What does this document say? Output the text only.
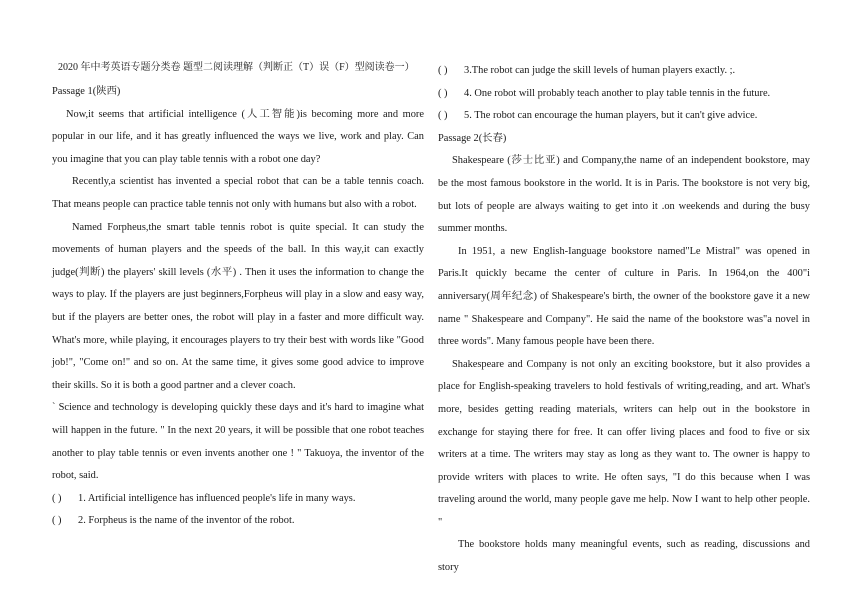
2020 年中考英语专题分类卷 题型二阅读理解（判断正（T）误（F）型阅读卷一）

Passage 1(陕西)

Now,it seems that artificial intelligence (人工智能)is becoming more and more popular in our life, and it has greatly influenced the ways we live, work and play. Can you imagine that you can play table tennis with a robot one day?

Recently,a scientist has invented a special robot that can be a table tennis coach. That means people can practice table tennis not only with humans but also with a robot.

Named Forpheus,the smart table tennis robot is quite special. It can study the movements of human players and the speeds of the ball. In this way,it can exactly judge(判断) the players' skill levels (水平) . Then it uses the information to change the ways to play. If the players are just beginners,Forpheus will play in a slow and easy way, but if the players are better ones, the robot will play in a faster and more difficult way. What's more, while playing, it encourages players to try their best with words like "Good job!", "Come on!" and so on. At the same time, it gives some good advice to improve their skills. So it is both a good partner and a clever coach.

` Science and technology is developing quickly these days and it's hard to imagine what will happen in the future. " In the next 20 years, it will be possible that one robot teaches another to play table tennis or even invents another one ! " Takuoya, the inventor of the robot, said.

( ) 1. Artificial intelligence has influenced people's life in many ways.

( ) 2. Forpheus is the name of the inventor of the robot.

( ) 3.The robot can judge the skill levels of human players exactly. ;.

( ) 4. One robot will probably teach another to play table tennis in the future.

( ) 5. The robot can encourage the human players, but it can't give advice.

Passage 2(长春)

Shakespeare (莎士比亚) and Company,the name of an independent bookstore, may be the most famous bookstore in the world. It is in Paris. The bookstore is not very big, but lots of people are always waiting to get into it .on weekends and during the busy summer months.

In 1951, a new English-Ianguage bookstore named"Le Mistral" was opened in Paris.It quickly became the center of culture in Paris. In 1964,on the 400"i anniversary(周年纪念) of Shakespeare's birth, the owner of the bookstore gave it a new name " Shakespeare and Company". He said the name of the bookstore was"a novel in three words". Many famous people have been there.

Shakespeare and Company is not only an exciting bookstore, but it also provides a place for English-speaking travelers to hold festivals of writing,reading, and art. What's more, besides getting reading materials, writers can help out in the bookstore in exchange for staying there for free. It can offer living places and food to five or six writers at a time. The writers may stay as long as they want to. The owner is happy to provide writers with places to write. He often says, "I do this because when I was traveling around the world, many people gave me help. Now I want to help other people. "

The bookstore holds many meaningful events, such as reading, discussions and story
